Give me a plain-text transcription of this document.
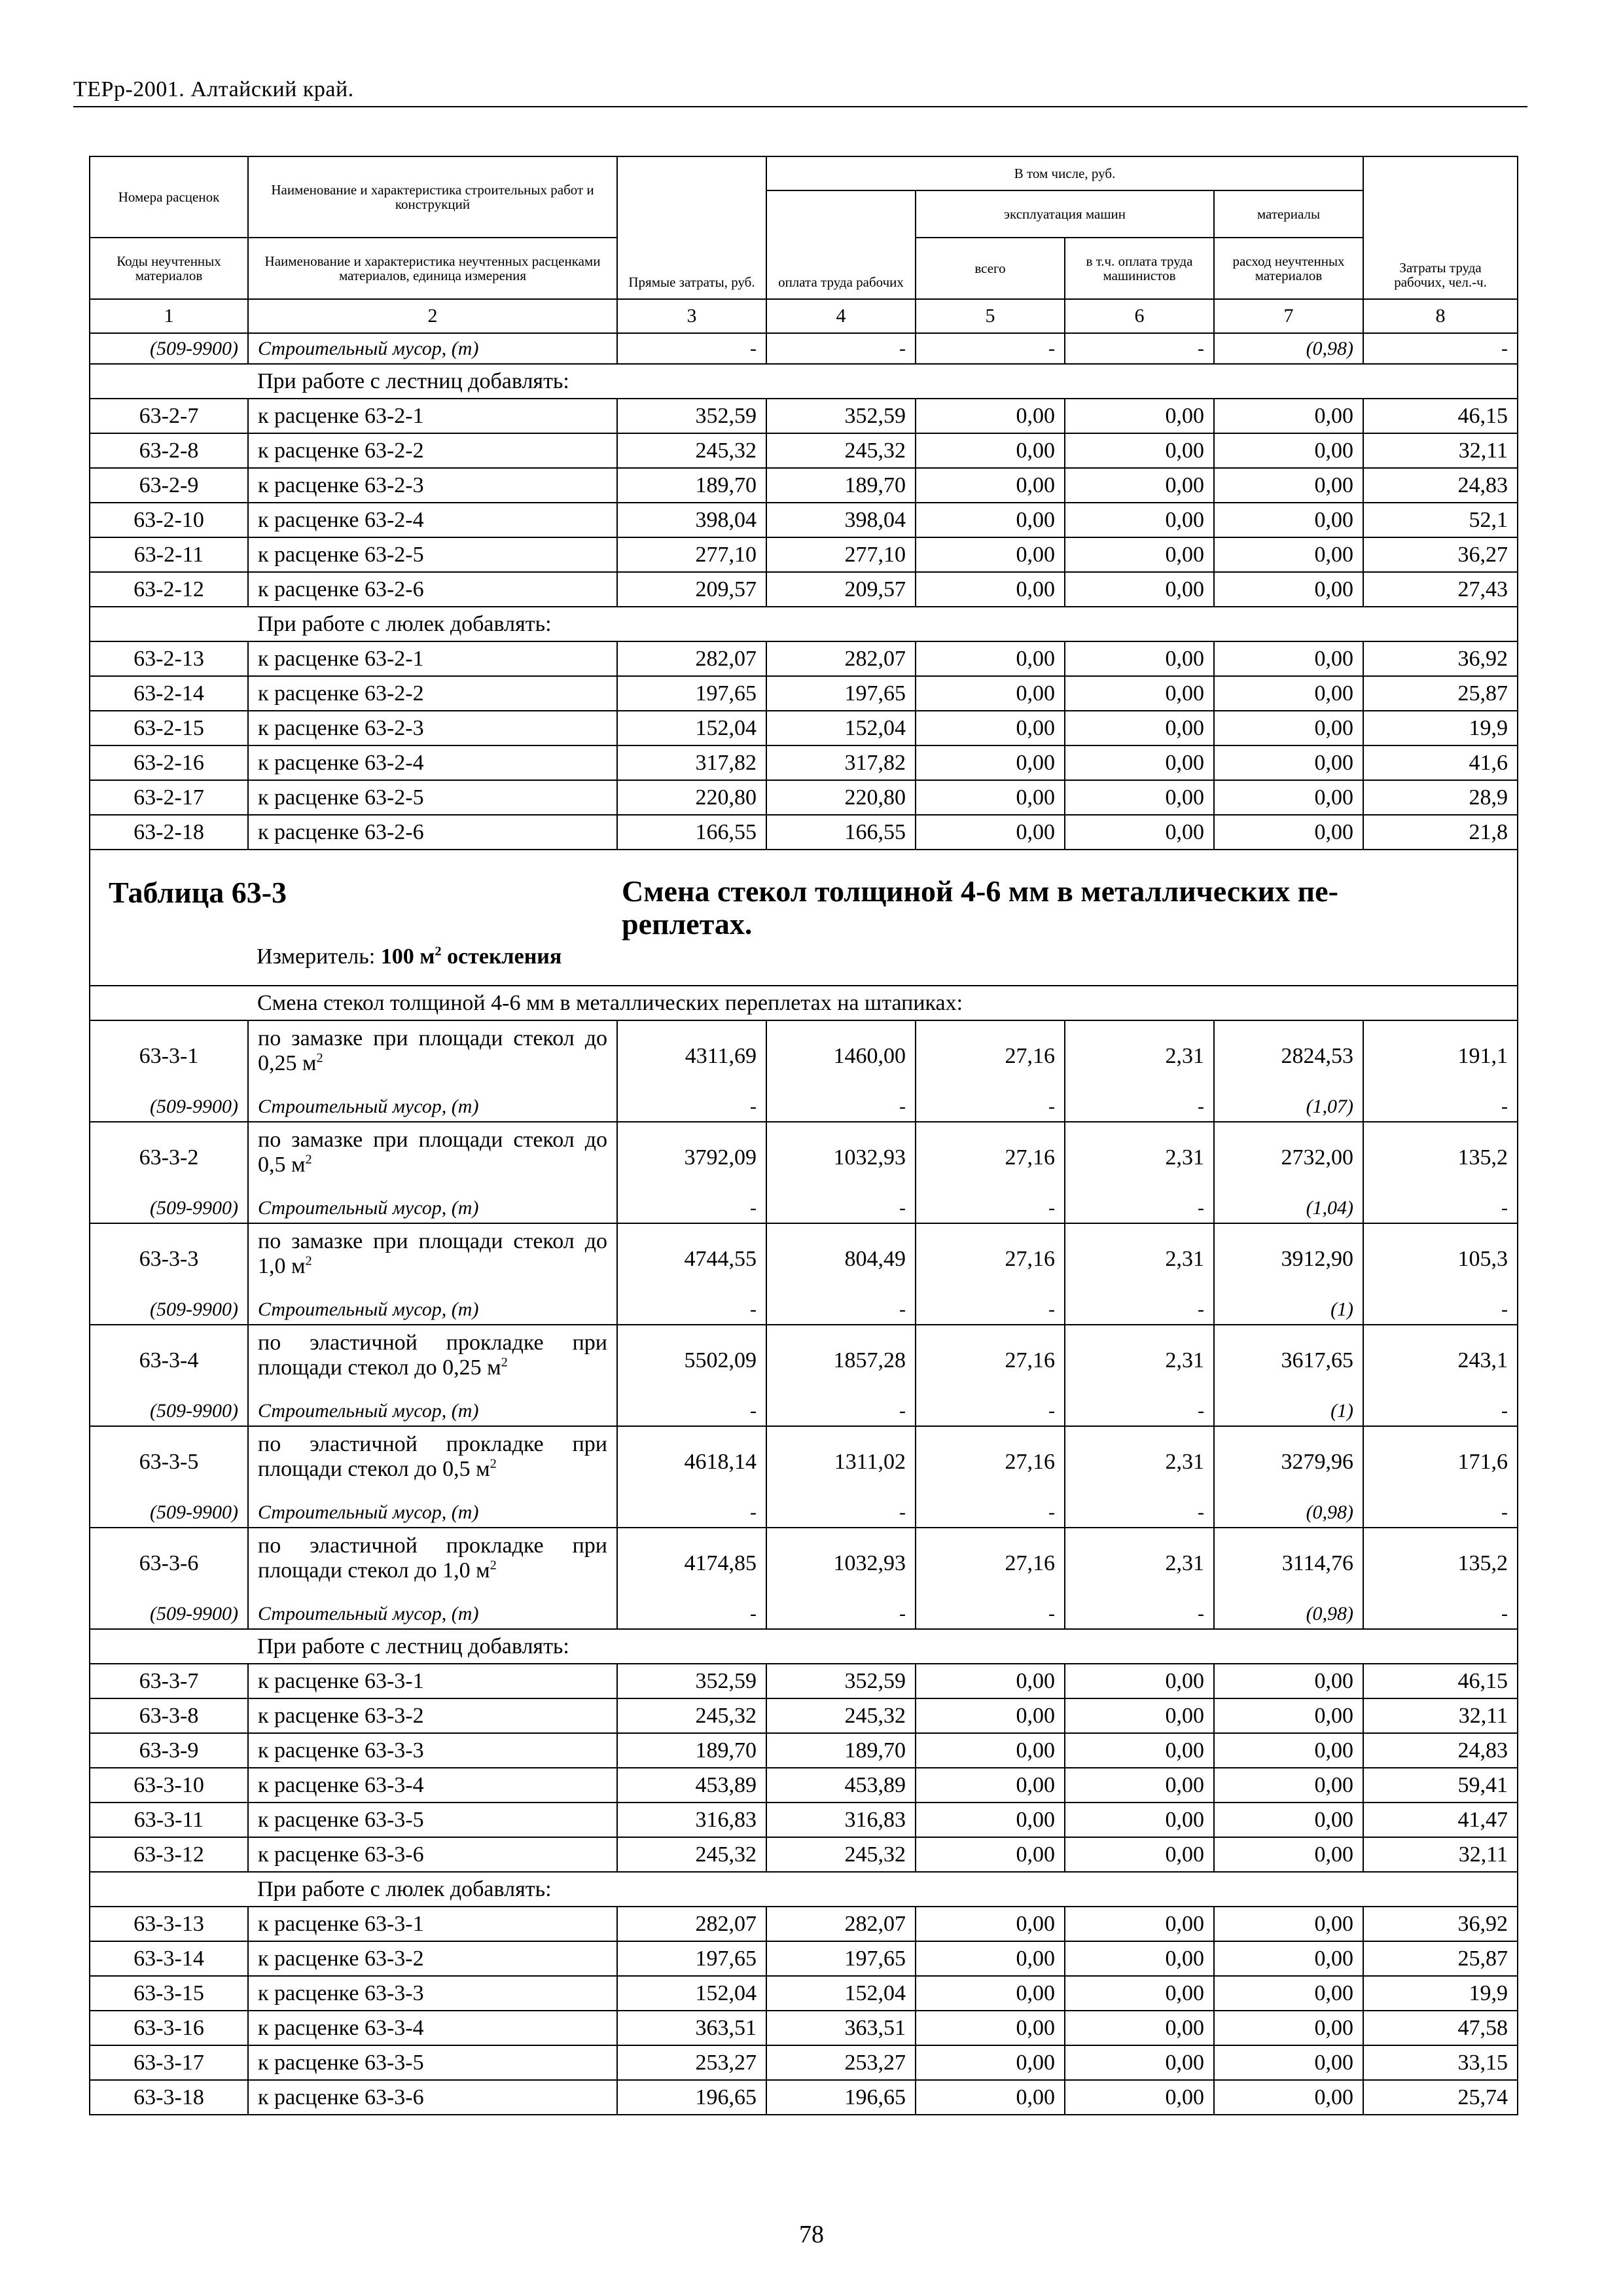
ТЕРр-2001. Алтайский край.
Номера расценок	Наименование и характеристика строительных работ и конструкций	Прямые затраты, руб.	В том числе, руб.				Затраты труда рабочих, чел.-ч.
			оплата труда рабочих	эксплуатация машин		материалы	
Коды неучтенных материалов	Наименование и характеристика неучтенных расценками материалов, единица измерения			всего	в т.ч. оплата труда машинистов	расход неучтенных материалов	
1	2	3	4	5	6	7	8
(509-9900)	Строительный мусор, (т)	-	-	-	-	(0,98)	-
	При работе с лестниц добавлять:						
63-2-7	к расценке 63-2-1	352,59	352,59	0,00	0,00	0,00	46,15
63-2-8	к расценке 63-2-2	245,32	245,32	0,00	0,00	0,00	32,11
63-2-9	к расценке 63-2-3	189,70	189,70	0,00	0,00	0,00	24,83
63-2-10	к расценке 63-2-4	398,04	398,04	0,00	0,00	0,00	52,1
63-2-11	к расценке 63-2-5	277,10	277,10	0,00	0,00	0,00	36,27
63-2-12	к расценке 63-2-6	209,57	209,57	0,00	0,00	0,00	27,43
	При работе с люлек добавлять:						
63-2-13	к расценке 63-2-1	282,07	282,07	0,00	0,00	0,00	36,92
63-2-14	к расценке 63-2-2	197,65	197,65	0,00	0,00	0,00	25,87
63-2-15	к расценке 63-2-3	152,04	152,04	0,00	0,00	0,00	19,9
63-2-16	к расценке 63-2-4	317,82	317,82	0,00	0,00	0,00	41,6
63-2-17	к расценке 63-2-5	220,80	220,80	0,00	0,00	0,00	28,9
63-2-18	к расценке 63-2-6	166,55	166,55	0,00	0,00	0,00	21,8

Таблица 63-3 Смена стекол толщиной 4-6 мм в металлических пе-реплетах.
Измеритель: 100 $м^2$ остекления							

	Смена стекол толщиной 4-6 мм в металлических переплетах на штапиках:						
63-3-1	по замазке при площади стекол до 0,25 $м^2$	4311,69	1460,00	27,16	2,31	2824,53	191,1
(509-9900)	Строительный мусор, (т)	-	-	-	-	(1,07)	-
63-3-2	по замазке при площади стекол до 0,5 $м^2$	3792,09	1032,93	27,16	2,31	2732,00	135,2
(509-9900)	Строительный мусор, (т)	-	-	-	-	(1,04)	-
63-3-3	по замазке при площади стекол до 1,0 $м^2$	4744,55	804,49	27,16	2,31	3912,90	105,3
(509-9900)	Строительный мусор, (т)	-	-	-	-	(1)	-
63-3-4	по эластичной прокладке при площади стекол до 0,25 $м^2$	5502,09	1857,28	27,16	2,31	3617,65	243,1
(509-9900)	Строительный мусор, (т)	-	-	-	-	(1)	-
63-3-5	по эластичной прокладке при площади стекол до 0,5 $м^2$	4618,14	1311,02	27,16	2,31	3279,96	171,6
(509-9900)	Строительный мусор, (т)	-	-	-	-	(0,98)	-
63-3-6	по эластичной прокладке при площади стекол до 1,0 $м^2$	4174,85	1032,93	27,16	2,31	3114,76	135,2
(509-9900)	Строительный мусор, (т)	-	-	-	-	(0,98)	-
	При работе с лестниц добавлять:						
63-3-7	к расценке 63-3-1	352,59	352,59	0,00	0,00	0,00	46,15
63-3-8	к расценке 63-3-2	245,32	245,32	0,00	0,00	0,00	32,11
63-3-9	к расценке 63-3-3	189,70	189,70	0,00	0,00	0,00	24,83
63-3-10	к расценке 63-3-4	453,89	453,89	0,00	0,00	0,00	59,41
63-3-11	к расценке 63-3-5	316,83	316,83	0,00	0,00	0,00	41,47
63-3-12	к расценке 63-3-6	245,32	245,32	0,00	0,00	0,00	32,11
	При работе с люлек добавлять:						
63-3-13	к расценке 63-3-1	282,07	282,07	0,00	0,00	0,00	36,92
63-3-14	к расценке 63-3-2	197,65	197,65	0,00	0,00	0,00	25,87
63-3-15	к расценке 63-3-3	152,04	152,04	0,00	0,00	0,00	19,9
63-3-16	к расценке 63-3-4	363,51	363,51	0,00	0,00	0,00	47,58
63-3-17	к расценке 63-3-5	253,27	253,27	0,00	0,00	0,00	33,15
63-3-18	к расценке 63-3-6	196,65	196,65	0,00	0,00	0,00	25,74
78
